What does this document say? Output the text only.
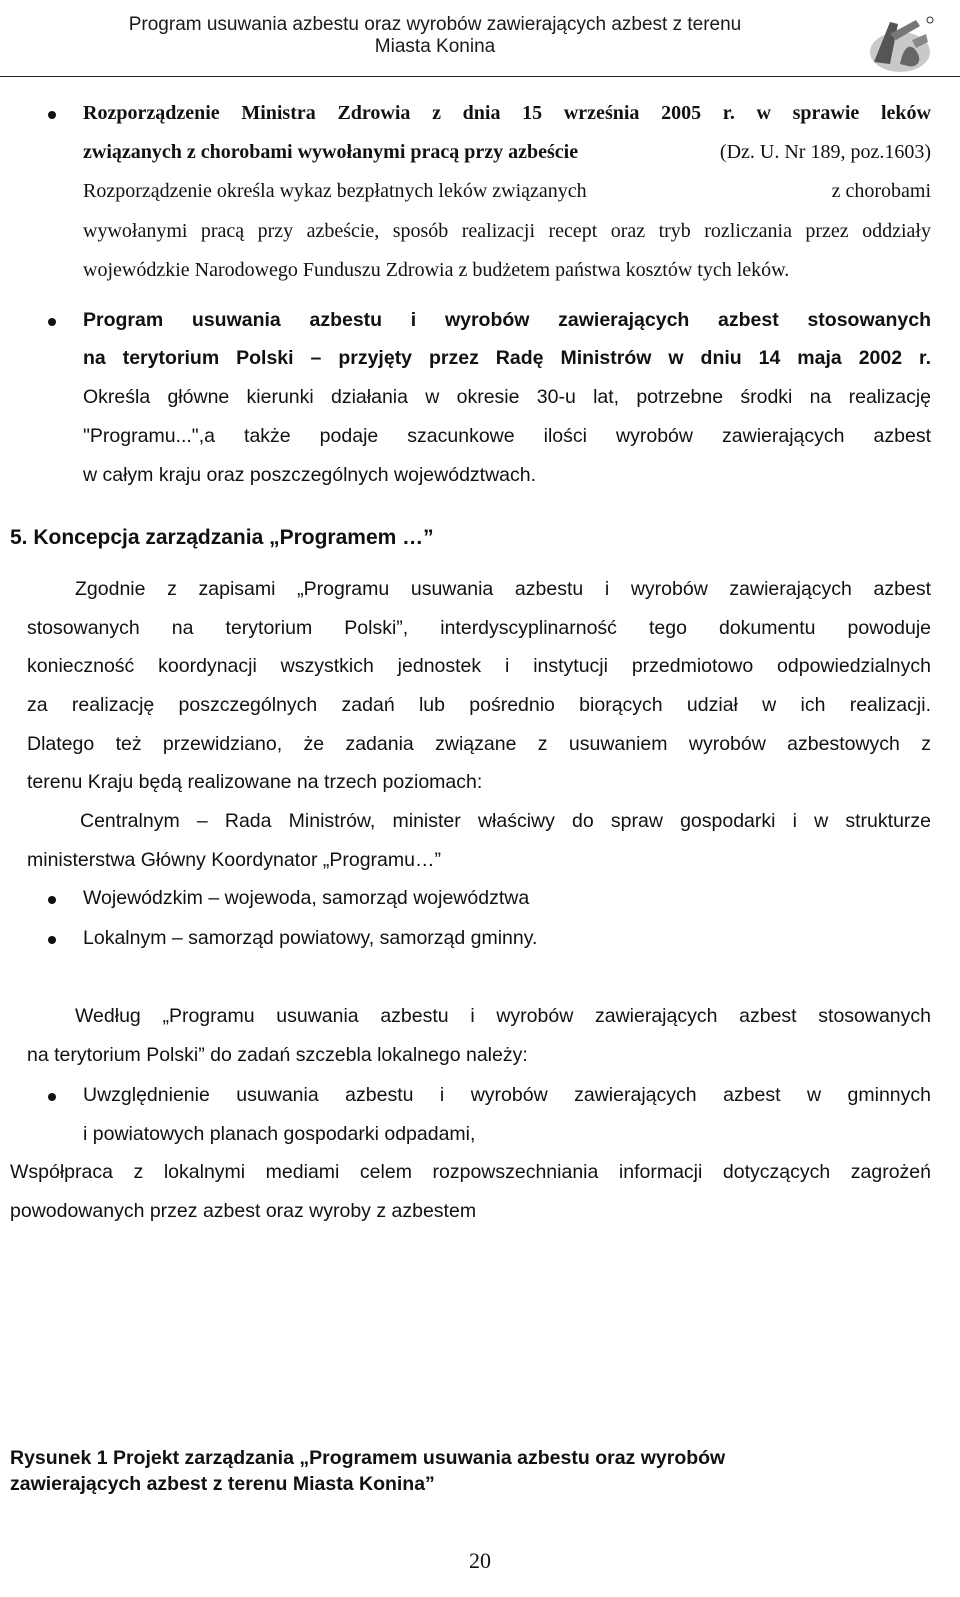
Program usuwania azbestu oraz wyrobów zawierających azbest z terenu
Miasta Konina
Rozporządzenie Ministra Zdrowia z dnia 15 września 2005 r. w sprawie leków
związanych z chorobami wywołanymi pracą przy azbeście	(Dz. U. Nr 189, poz.1603)
Rozporządzenie określa wykaz bezpłatnych leków związanych	z chorobami
wywołanymi pracą przy azbeście, sposób realizacji recept oraz tryb rozliczania przez oddziały
wojewódzkie Narodowego Funduszu Zdrowia z budżetem państwa kosztów tych leków.
Program usuwania azbestu i wyrobów zawierających azbest stosowanych
na terytorium Polski – przyjęty przez Radę Ministrów w dniu 14 maja 2002 r.
Określa główne kierunki działania w okresie 30-u lat, potrzebne środki na realizację
"Programu...",a także podaje szacunkowe ilości wyrobów zawierających azbest
w całym kraju oraz poszczególnych województwach.
5. Koncepcja zarządzania „Programem …”
Zgodnie z zapisami „Programu usuwania azbestu i wyrobów zawierających azbest
stosowanych na terytorium Polski”, interdyscyplinarność tego dokumentu powoduje
konieczność koordynacji wszystkich jednostek i instytucji przedmiotowo odpowiedzialnych
za realizację poszczególnych zadań lub pośrednio biorących udział w ich realizacji.
Dlatego też przewidziano, że zadania związane z usuwaniem wyrobów azbestowych z
terenu Kraju będą realizowane na trzech poziomach:
Centralnym – Rada Ministrów, minister właściwy do spraw gospodarki i w strukturze
ministerstwa Główny Koordynator „Programu…”
Wojewódzkim – wojewoda, samorząd województwa
Lokalnym – samorząd powiatowy, samorząd gminny.
Według „Programu usuwania azbestu i wyrobów zawierających azbest stosowanych
na terytorium Polski” do zadań szczebla lokalnego należy:
Uwzględnienie usuwania azbestu i wyrobów zawierających azbest w gminnych
i powiatowych planach gospodarki odpadami,
Współpraca z lokalnymi mediami celem rozpowszechniania informacji dotyczących zagrożeń
powodowanych przez azbest oraz wyroby z azbestem
Rysunek 1 Projekt zarządzania „Programem usuwania azbestu oraz wyrobów
zawierających azbest z terenu Miasta Konina”
20
